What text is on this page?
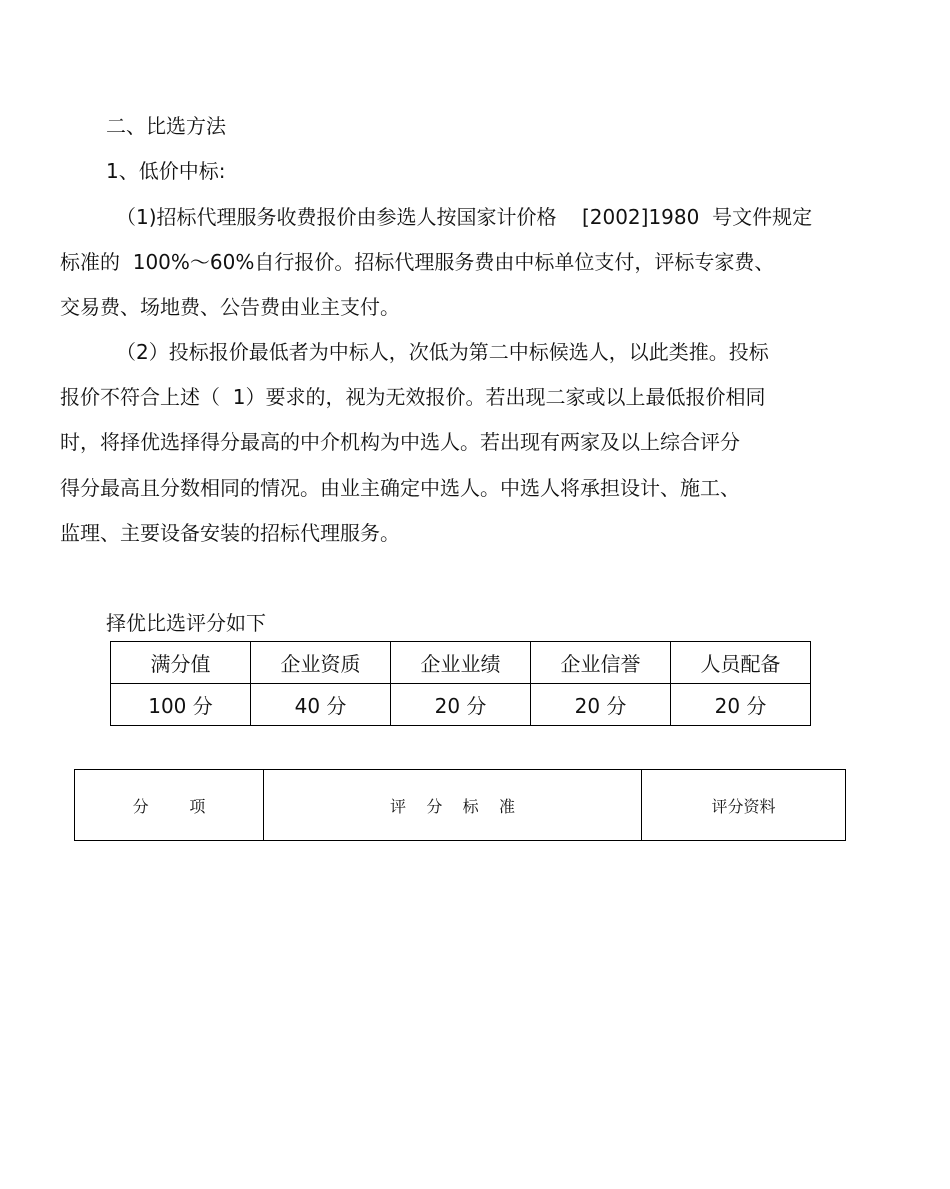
二、比选方法
1、低价中标:
（1)招标代理服务收费报价由参选人按国家计价格    [2002]1980  号文件规定
标准的  100%～60%自行报价。招标代理服务费由中标单位支付，评标专家费、
交易费、场地费、公告费由业主支付。
（2）投标报价最低者为中标人，次低为第二中标候选人，以此类推。投标
报价不符合上述（  1）要求的，视为无效报价。若出现二家或以上最低报价相同
时，将择优选择得分最高的中介机构为中选人。若出现有两家及以上综合评分
得分最高且分数相同的情况。由业主确定中选人。中选人将承担设计、施工、
监理、主要设备安装的招标代理服务。
择优比选评分如下
满分值	企业资质	企业业绩	企业信誉	人员配备
100 分	40 分	20 分	20 分	20 分
分        项	评    分    标    准	评分资料
